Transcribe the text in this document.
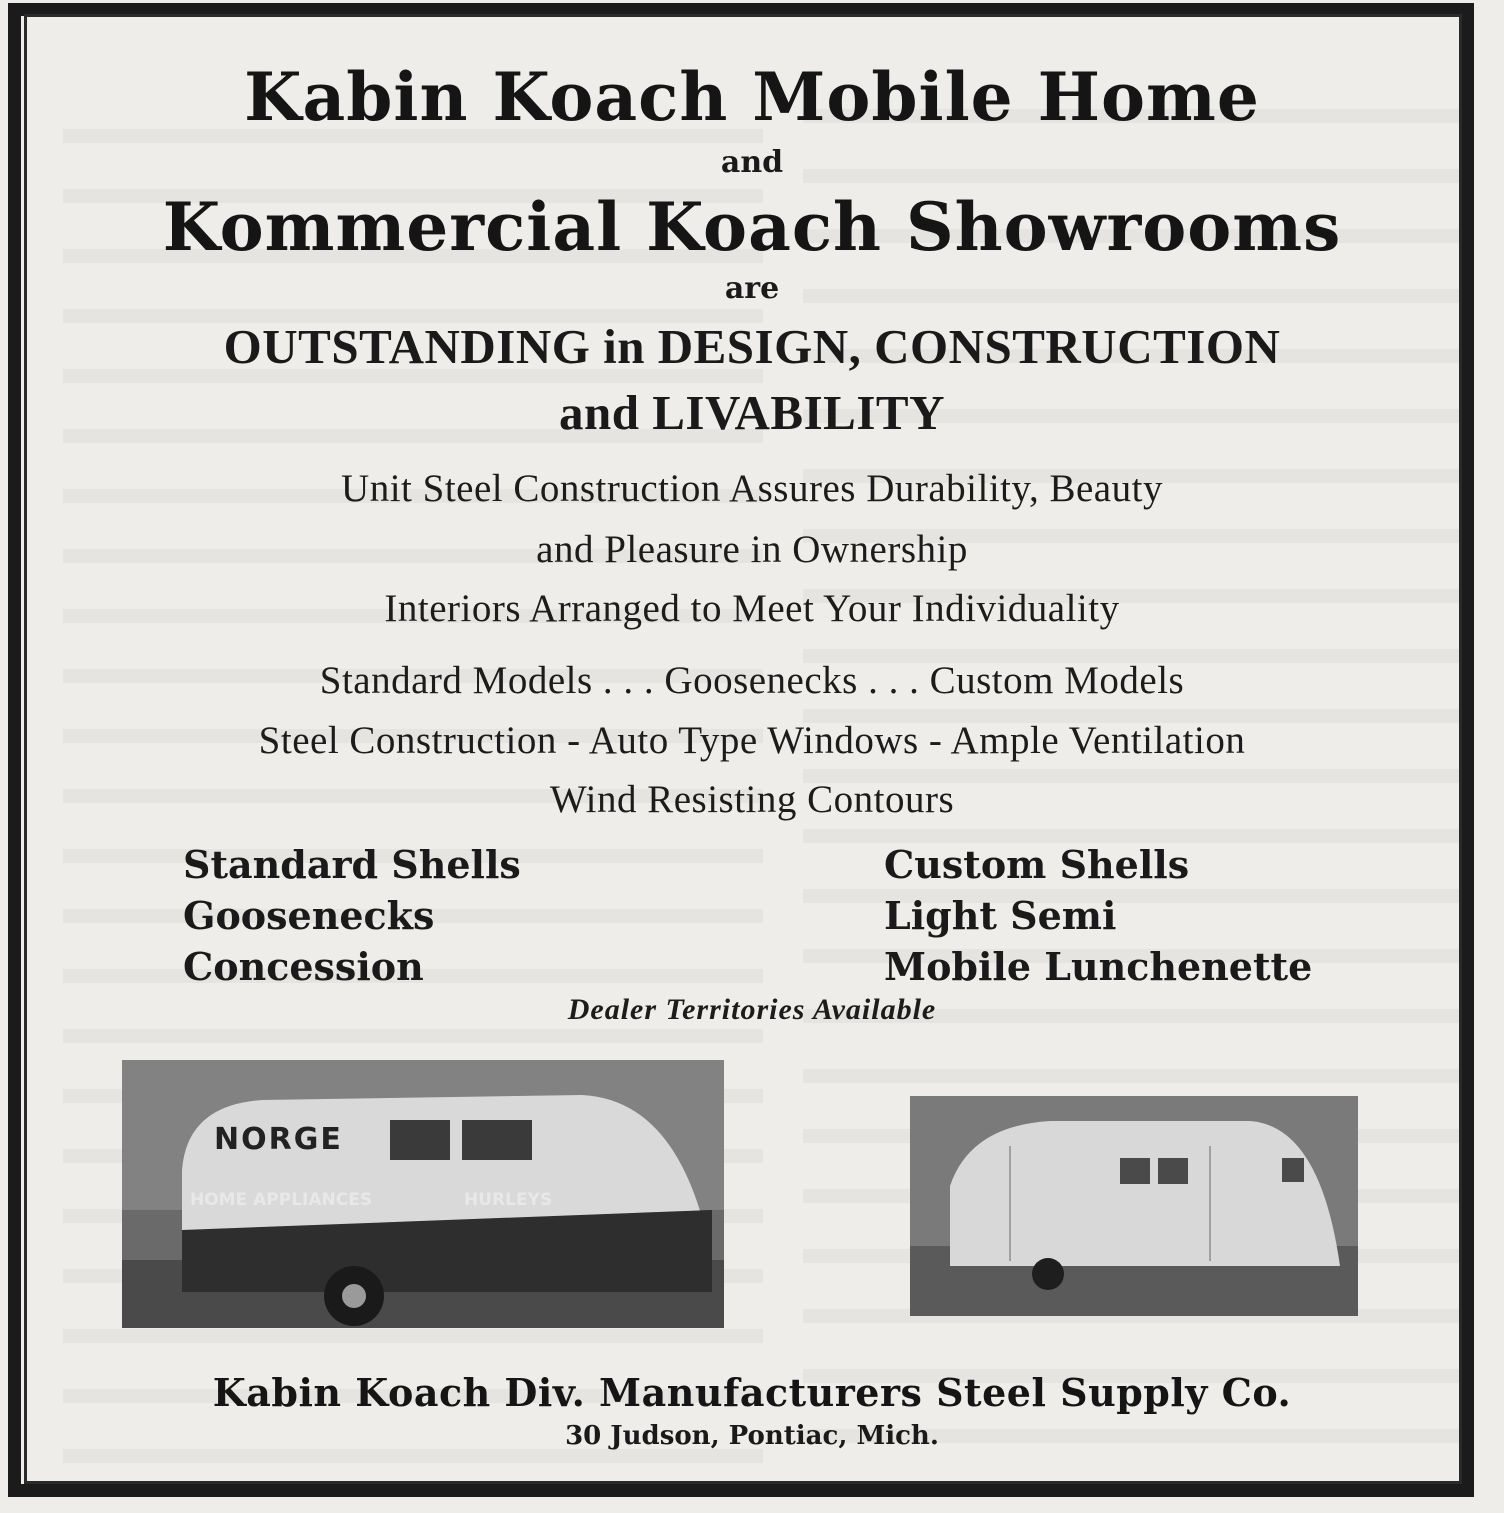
Kabin Koach Mobile Home
and
Kommercial Koach Showrooms
are
OUTSTANDING in DESIGN, CONSTRUCTION
and LIVABILITY
Unit Steel Construction Assures Durability, Beauty
and Pleasure in Ownership
Interiors Arranged to Meet Your Individuality
Standard Models . . . Goosenecks . . . Custom Models
Steel Construction - Auto Type Windows - Ample Ventilation
Wind Resisting Contours
Standard Shells
Goosenecks
Concession
Custom Shells
Light Semi
Mobile Lunchenette
Dealer Territories Available
NORGE
HOME APPLIANCES	HURLEYS
Kabin Koach Div. Manufacturers Steel Supply Co.
30 Judson, Pontiac, Mich.
